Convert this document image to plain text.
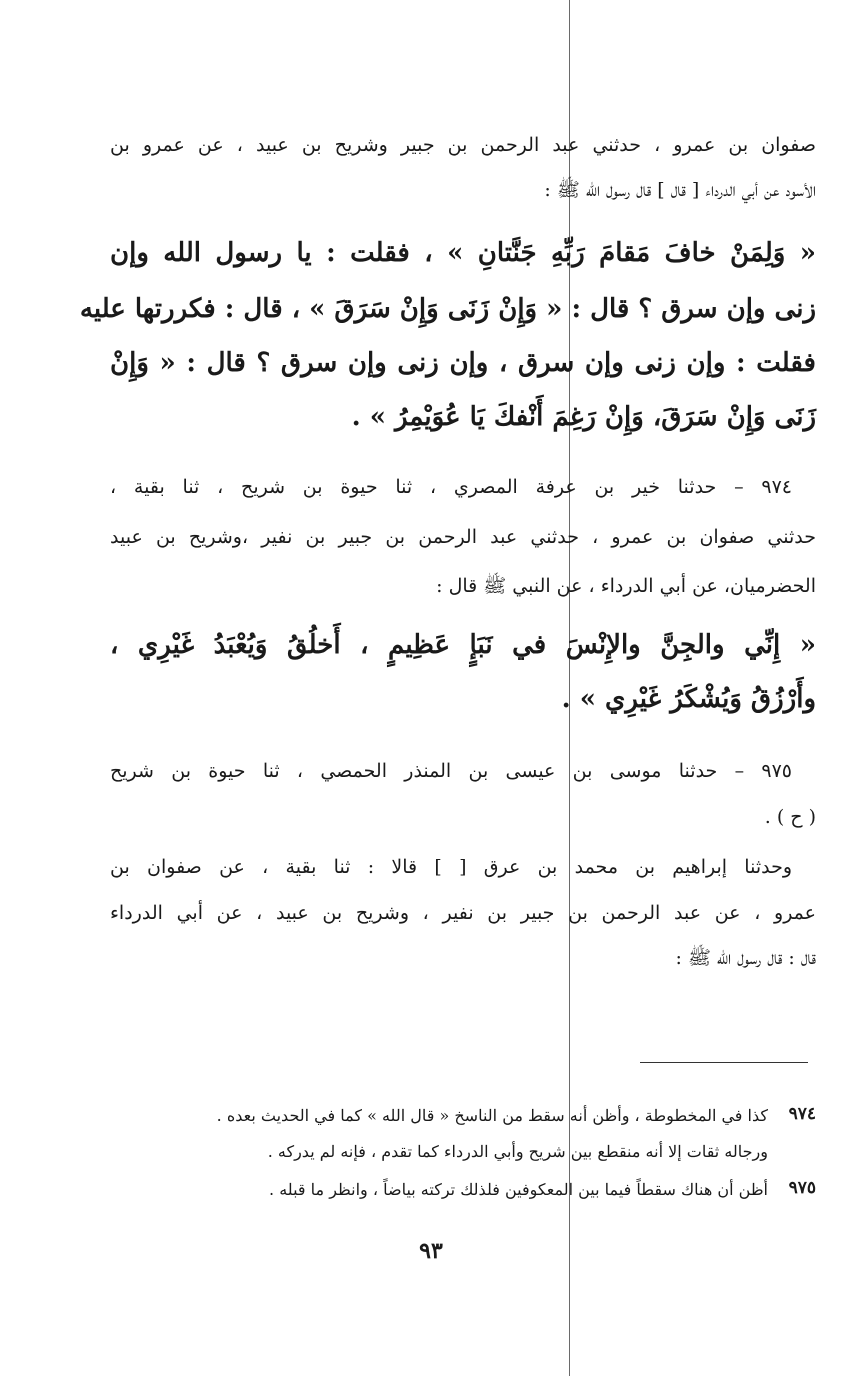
صفوان بن عمرو ، حدثني عبد الرحمن بن جبير وشريح بن عبيد ، عن عمرو بن
الأسود عن أبي الدرداء [ قال ] قال رسول الله ﷺ :
« وَلِمَنْ خافَ مَقامَ رَبِّهِ جَنَّتانِ » ، فقلت : يا رسول الله وإن
زنى وإن سرق ؟ قال : « وَإِنْ زَنَى وَإِنْ سَرَقَ » ، قال : فكررتها عليه
فقلت : وإن زنى وإن سرق ، وإن زنى وإن سرق ؟ قال : « وَإِنْ
زَنَى وَإِنْ سَرَقَ، وَإِنْ رَغِمَ أَنْفكَ يَا عُوَيْمِرُ » .
٩٧٤ – حدثنا خير بن عرفة المصري ، ثنا حيوة بن شريح ، ثنا بقية ،
حدثني صفوان بن عمرو ، حدثني عبد الرحمن بن جبير بن نفير ،وشريح بن عبيد
الحضرميان، عن أبي الدرداء ، عن النبي ﷺ قال :
« إِنِّي والجِنَّ والإِنْسَ في نَبَإٍ عَظِيمٍ ، أَخلُقُ وَيُعْبَدُ غَيْرِي ،
وأَرْزُقُ وَيُشْكَرُ غَيْرِي » .
٩٧٥ – حدثنا موسى بن عيسى بن المنذر الحمصي ، ثنا حيوة بن شريح
( ح ) .
وحدثنا إبراهيم بن محمد بن عرق [ ] قالا : ثنا بقية ، عن صفوان بن
عمرو ، عن عبد الرحمن بن جبير بن نفير ، وشريح بن عبيد ، عن أبي الدرداء
قال : قال رسول الله ﷺ :
٩٧٤
كذا في المخطوطة ، وأظن أنه سقط من الناسخ « قال الله » كما في الحديث بعده .
ورجاله ثقات إلا أنه منقطع بين شريح وأبي الدرداء كما تقدم ، فإنه لم يدركه .
٩٧٥
أظن أن هناك سقطاً فيما بين المعكوفين فلذلك تركته بياضاً ، وانظر ما قبله .
٩٣
